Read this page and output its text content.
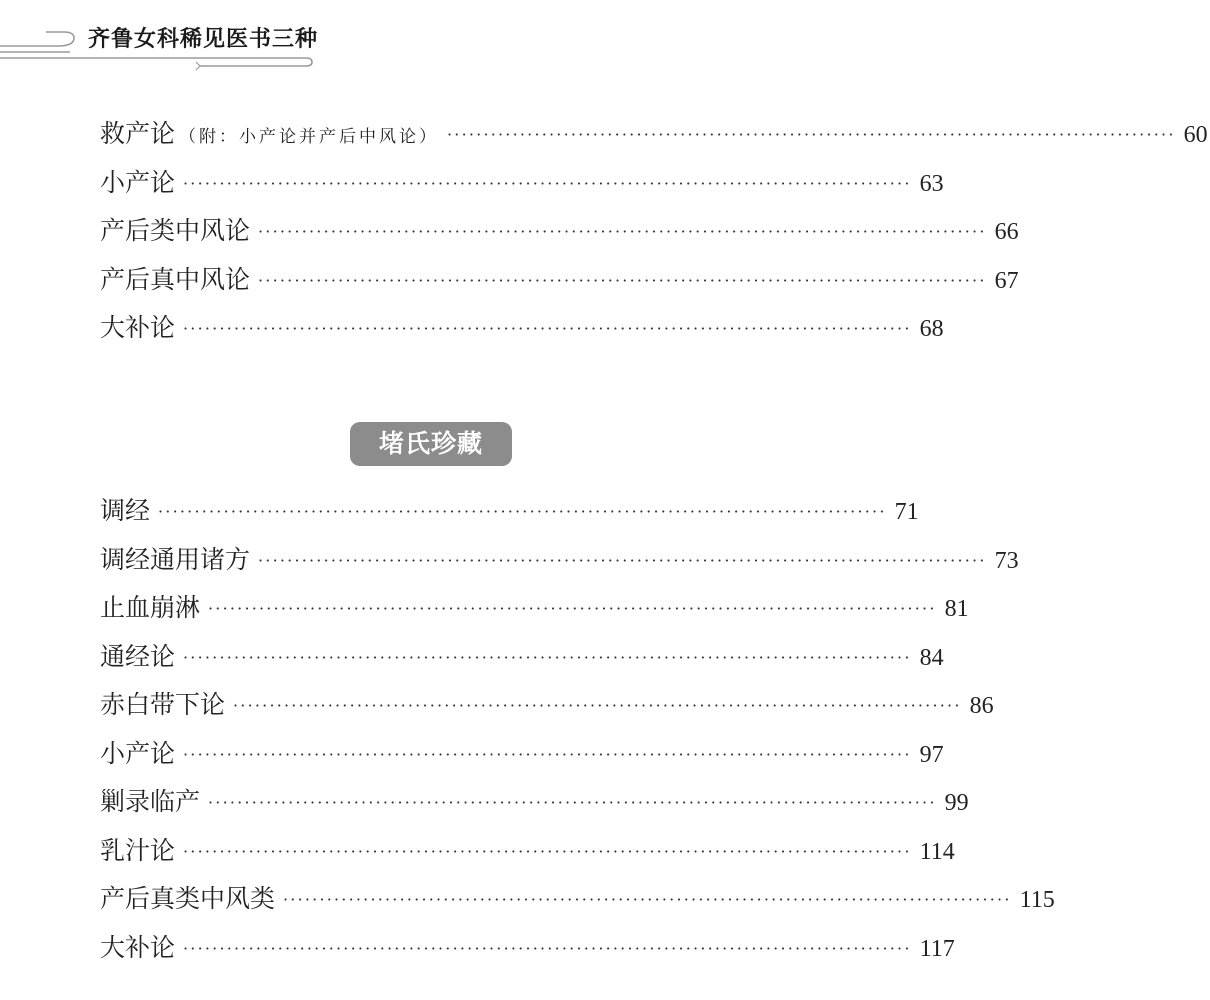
齐鲁女科稀见医书三种
救产论 （附：小产论并产后中风论） ···································································································· 60
小产论 ···································································································· 63
产后类中风论 ···································································································· 66
产后真中风论 ···································································································· 67
大补论 ···································································································· 68
堵氏珍藏
调经 ···································································································· 71
调经通用诸方 ···································································································· 73
止血崩淋 ···································································································· 81
通经论 ···································································································· 84
赤白带下论 ···································································································· 86
小产论 ···································································································· 97
剿录临产 ···································································································· 99
乳汁论 ···································································································· 114
产后真类中风类 ···································································································· 115
大补论 ···································································································· 117
